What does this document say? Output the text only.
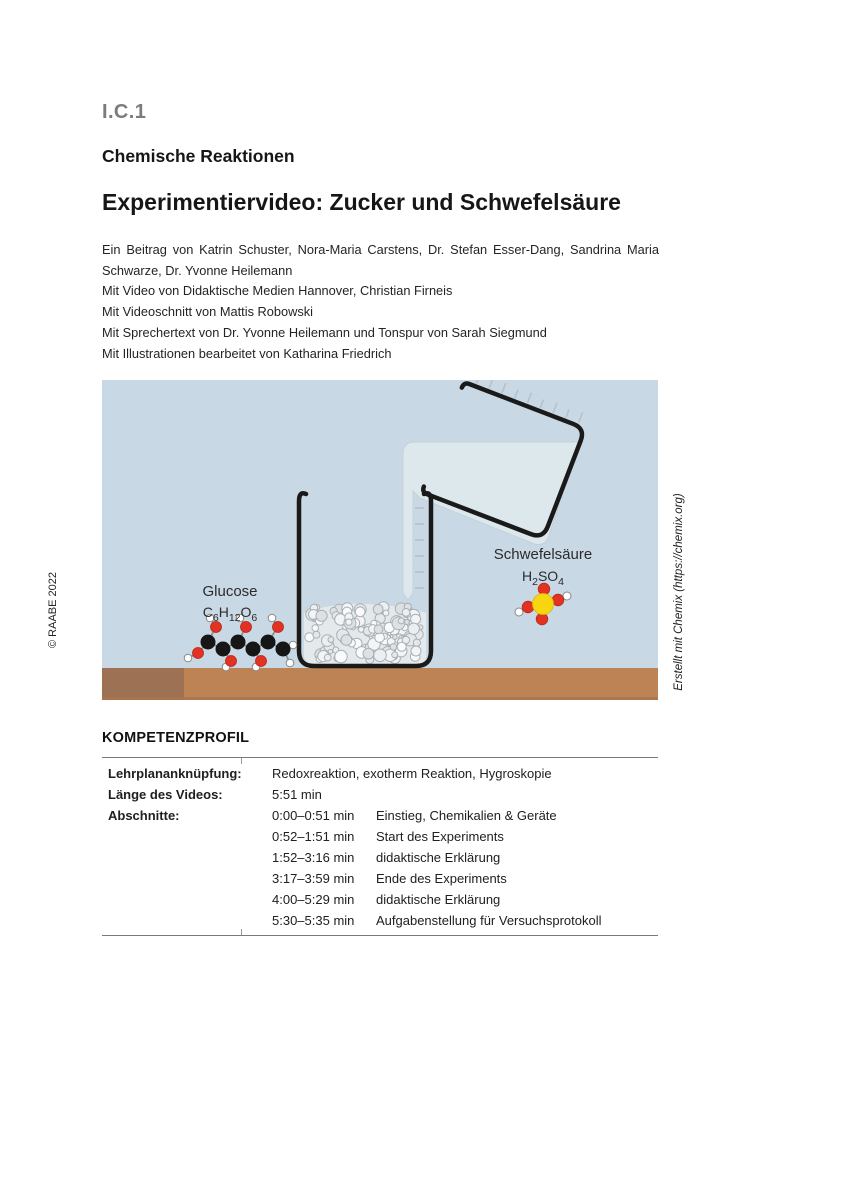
© RAABE 2022	Erstellt mit Chemix (https://chemix.org)
I.C.1
Chemische Reaktionen
Experimentiervideo: Zucker und Schwefelsäure

Ein Beitrag von Katrin Schuster, Nora-Maria Carstens, Dr. Stefan Esser-Dang, Sandrina Maria Schwarze, Dr. Yvonne Heilemann

Mit Video von Didaktische Medien Hannover, Christian Firneis

Mit Videoschnitt von Mattis Robowski

Mit Sprechertext von Dr. Yvonne Heilemann und Tonspur von Sarah Siegmund

Mit Illustrationen bearbeitet von Katharina Friedrich

Glucose
$C_6H_{12}O_6$
Schwefelsäure
$H_2SO_4$
KOMPETENZPROFIL
Lehrplananknüpfung:	Redoxreaktion, exotherm Reaktion, Hygroskopie
Länge des Videos:	5:51 min
Abschnitte:	0:00–0:51 min	Einstieg, Chemikalien & Geräte
0:52–1:51 min	Start des Experiments
1:52–3:16 min	didaktische Erklärung
3:17–3:59 min	Ende des Experiments
4:00–5:29 min	didaktische Erklärung
5:30–5:35 min	Aufgabenstellung für Versuchsprotokoll
